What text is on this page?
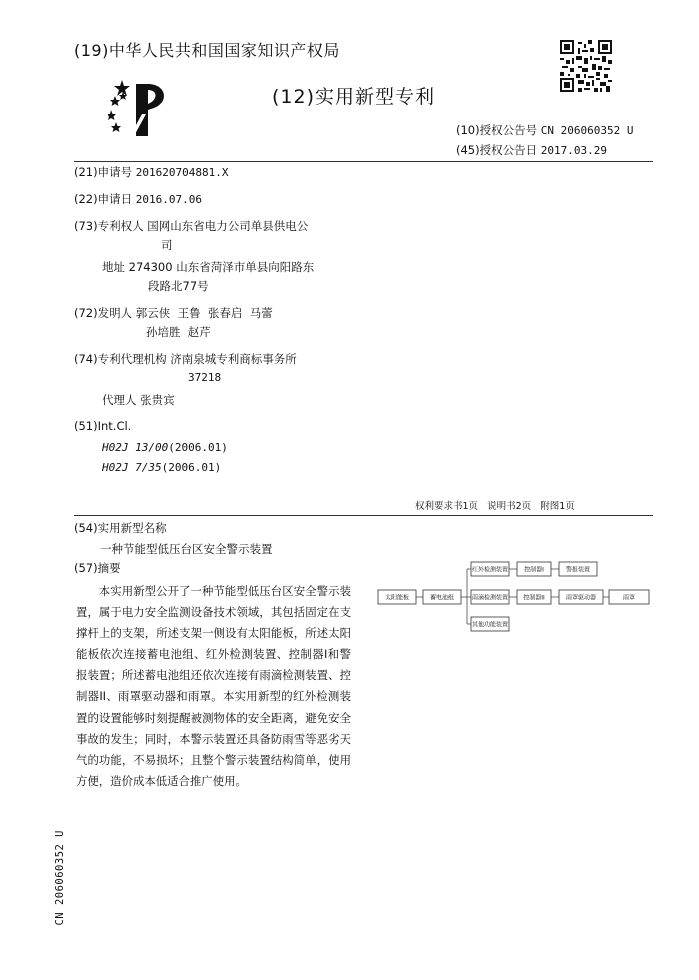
(19)中华人民共和国国家知识产权局
(12)实用新型专利
(10)授权公告号 CN 206060352 U
(45)授权公告日 2017.03.29
(21)申请号 201620704881.X
(22)申请日 2016.07.06
(73)专利权人 国网山东省电力公司单县供电公
司
地址 274300 山东省菏泽市单县向阳路东
段路北77号
(72)发明人 郭云侠  王鲁  张春启  马蕾
孙培胜  赵芹
(74)专利代理机构 济南泉城专利商标事务所
37218
代理人 张贵宾
(51)Int.Cl.
H02J 13/00(2006.01)
H02J 7/35(2006.01)
权利要求书1页   说明书2页   附图1页
(54)实用新型名称
一种节能型低压台区安全警示装置
(57)摘要

本实用新型公开了一种节能型低压台区安全警示装置，属于电力安全监测设备技术领域，其包括固定在支撑杆上的支架，所述支架一侧设有太阳能板，所述太阳能板依次连接蓄电池组、红外检测装置、控制器I和警报装置；所述蓄电池组还依次连接有雨滴检测装置、控制器II、雨罩驱动器和雨罩。本实用新型的红外检测装置的设置能够时刻提醒被测物体的安全距离，避免安全事故的发生；同时，本警示装置还具备防雨雪等恶劣天气的功能，不易损坏；且整个警示装置结构简单，使用方便，造价成本低适合推广使用。

太阳能板	蓄电池组
红外检测装置	控制器I	警报装置
雨滴检测装置	控制器II	雨罩驱动器	雨罩
其他功能装置
CN 206060352 U
